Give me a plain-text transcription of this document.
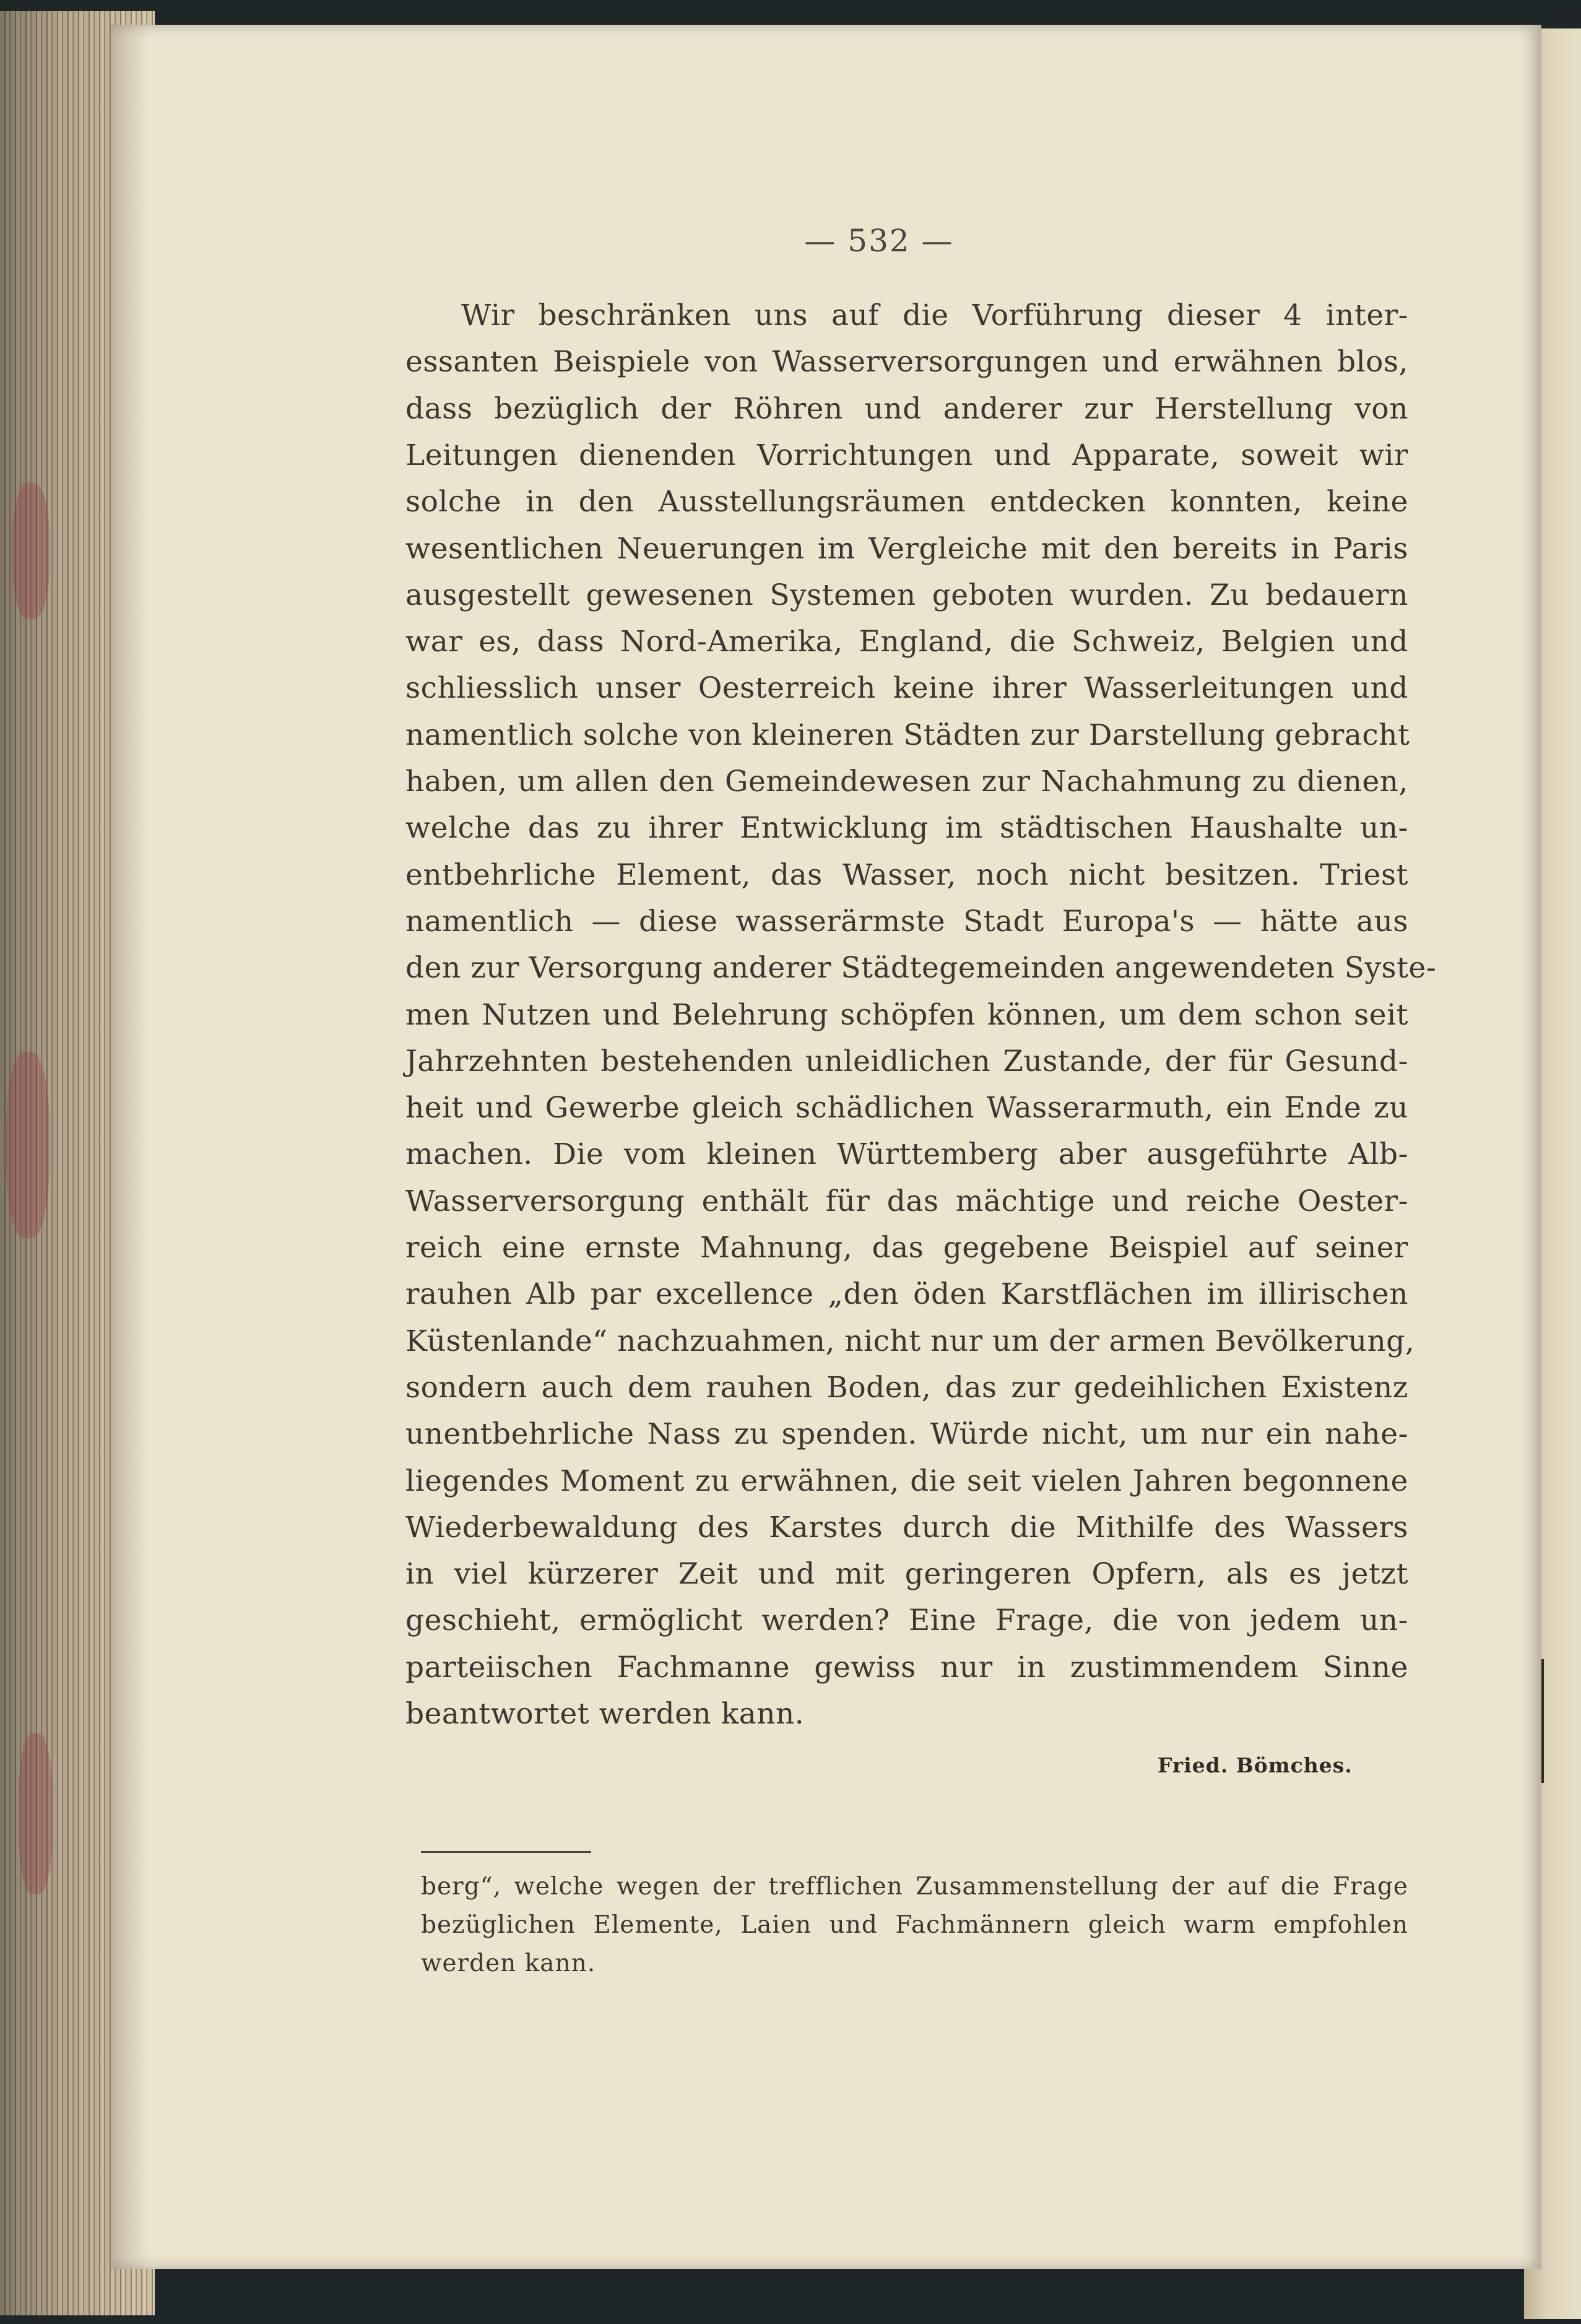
— 532 —
Wir beschränken uns auf die Vorführung dieser 4 inter-
essanten Beispiele von Wasserversorgungen und erwähnen blos,
dass bezüglich der Röhren und anderer zur Herstellung von
Leitungen dienenden Vorrichtungen und Apparate, soweit wir
solche in den Ausstellungsräumen entdecken konnten, keine
wesentlichen Neuerungen im Vergleiche mit den bereits in Paris
ausgestellt gewesenen Systemen geboten wurden. Zu bedauern
war es, dass Nord-Amerika, England, die Schweiz, Belgien und
schliesslich unser Oesterreich keine ihrer Wasserleitungen und
namentlich solche von kleineren Städten zur Darstellung gebracht
haben, um allen den Gemeindewesen zur Nachahmung zu dienen,
welche das zu ihrer Entwicklung im städtischen Haushalte un-
entbehrliche Element, das Wasser, noch nicht besitzen. Triest
namentlich — diese wasserärmste Stadt Europa's — hätte aus
den zur Versorgung anderer Städtegemeinden angewendeten Syste-
men Nutzen und Belehrung schöpfen können, um dem schon seit
Jahrzehnten bestehenden unleidlichen Zustande, der für Gesund-
heit und Gewerbe gleich schädlichen Wasserarmuth, ein Ende zu
machen. Die vom kleinen Württemberg aber ausgeführte Alb-
Wasserversorgung enthält für das mächtige und reiche Oester-
reich eine ernste Mahnung, das gegebene Beispiel auf seiner
rauhen Alb par excellence „den öden Karstflächen im illirischen
Küstenlande“ nachzuahmen, nicht nur um der armen Bevölkerung,
sondern auch dem rauhen Boden, das zur gedeihlichen Existenz
unentbehrliche Nass zu spenden. Würde nicht, um nur ein nahe-
liegendes Moment zu erwähnen, die seit vielen Jahren begonnene
Wiederbewaldung des Karstes durch die Mithilfe des Wassers
in viel kürzerer Zeit und mit geringeren Opfern, als es jetzt
geschieht, ermöglicht werden? Eine Frage, die von jedem un-
parteiischen Fachmanne gewiss nur in zustimmendem Sinne
beantwortet werden kann.
Fried. Bömches.
berg“, welche wegen der trefflichen Zusammenstellung der auf die Frage
bezüglichen Elemente, Laien und Fachmännern gleich warm empfohlen
werden kann.
